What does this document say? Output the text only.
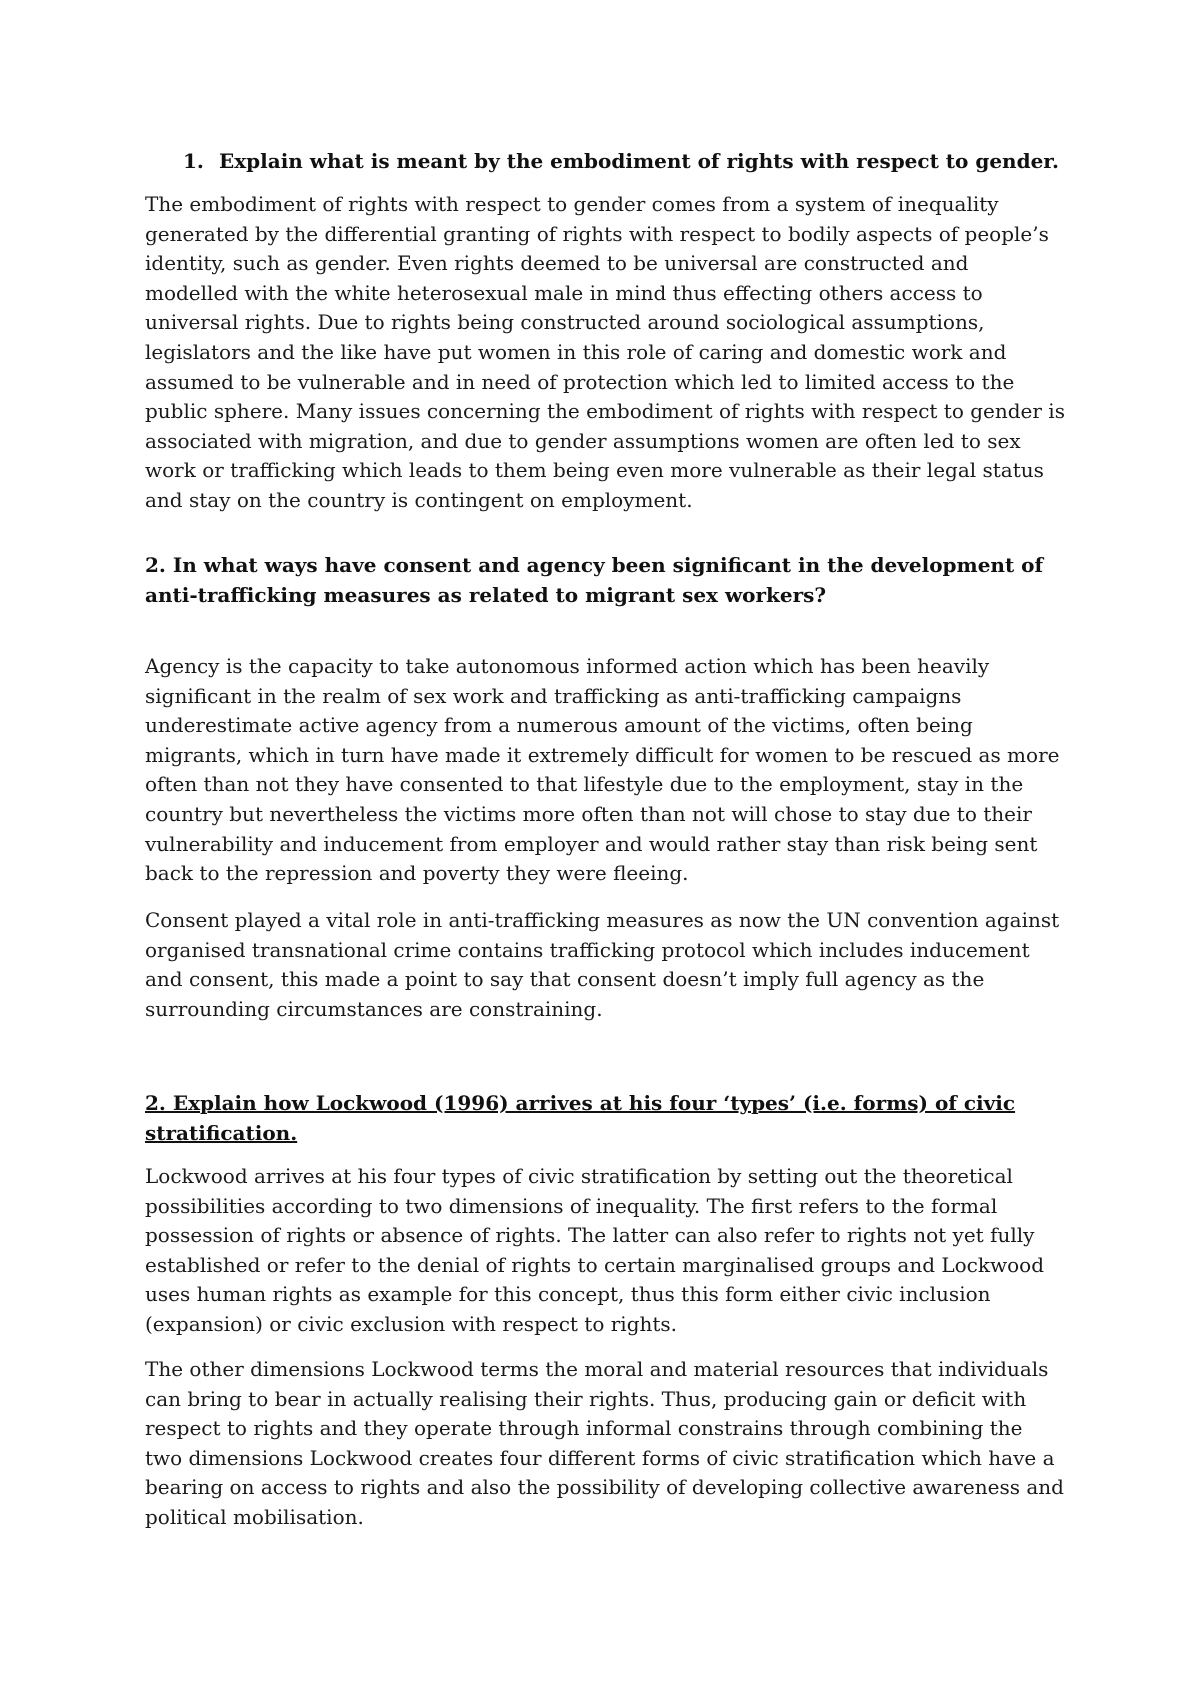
1. Explain what is meant by the embodiment of rights with respect to gender.

The embodiment of rights with respect to gender comes from a system of inequality generated by the differential granting of rights with respect to bodily aspects of people’s identity, such as gender. Even rights deemed to be universal are constructed and modelled with the white heterosexual male in mind thus effecting others access to universal rights. Due to rights being constructed around sociological assumptions, legislators and the like have put women in this role of caring and domestic work and assumed to be vulnerable and in need of protection which led to limited access to the public sphere. Many issues concerning the embodiment of rights with respect to gender is associated with migration, and due to gender assumptions women are often led to sex work or trafficking which leads to them being even more vulnerable as their legal status and stay on the country is contingent on employment.

2. In what ways have consent and agency been significant in the development of anti-trafficking measures as related to migrant sex workers?

Agency is the capacity to take autonomous informed action which has been heavily significant in the realm of sex work and trafficking as anti-trafficking campaigns underestimate active agency from a numerous amount of the victims, often being migrants, which in turn have made it extremely difficult for women to be rescued as more often than not they have consented to that lifestyle due to the employment, stay in the country but nevertheless the victims more often than not will chose to stay due to their vulnerability and inducement from employer and would rather stay than risk being sent back to the repression and poverty they were fleeing.

Consent played a vital role in anti-trafficking measures as now the UN convention against organised transnational crime contains trafficking protocol which includes inducement and consent, this made a point to say that consent doesn’t imply full agency as the surrounding circumstances are constraining.

2. Explain how Lockwood (1996) arrives at his four ‘types’ (i.e. forms) of civic stratification.

Lockwood arrives at his four types of civic stratification by setting out the theoretical possibilities according to two dimensions of inequality. The first refers to the formal possession of rights or absence of rights. The latter can also refer to rights not yet fully established or refer to the denial of rights to certain marginalised groups and Lockwood uses human rights as example for this concept, thus this form either civic inclusion (expansion) or civic exclusion with respect to rights.

The other dimensions Lockwood terms the moral and material resources that individuals can bring to bear in actually realising their rights. Thus, producing gain or deficit with respect to rights and they operate through informal constrains through combining the two dimensions Lockwood creates four different forms of civic stratification which have a bearing on access to rights and also the possibility of developing collective awareness and political mobilisation.
